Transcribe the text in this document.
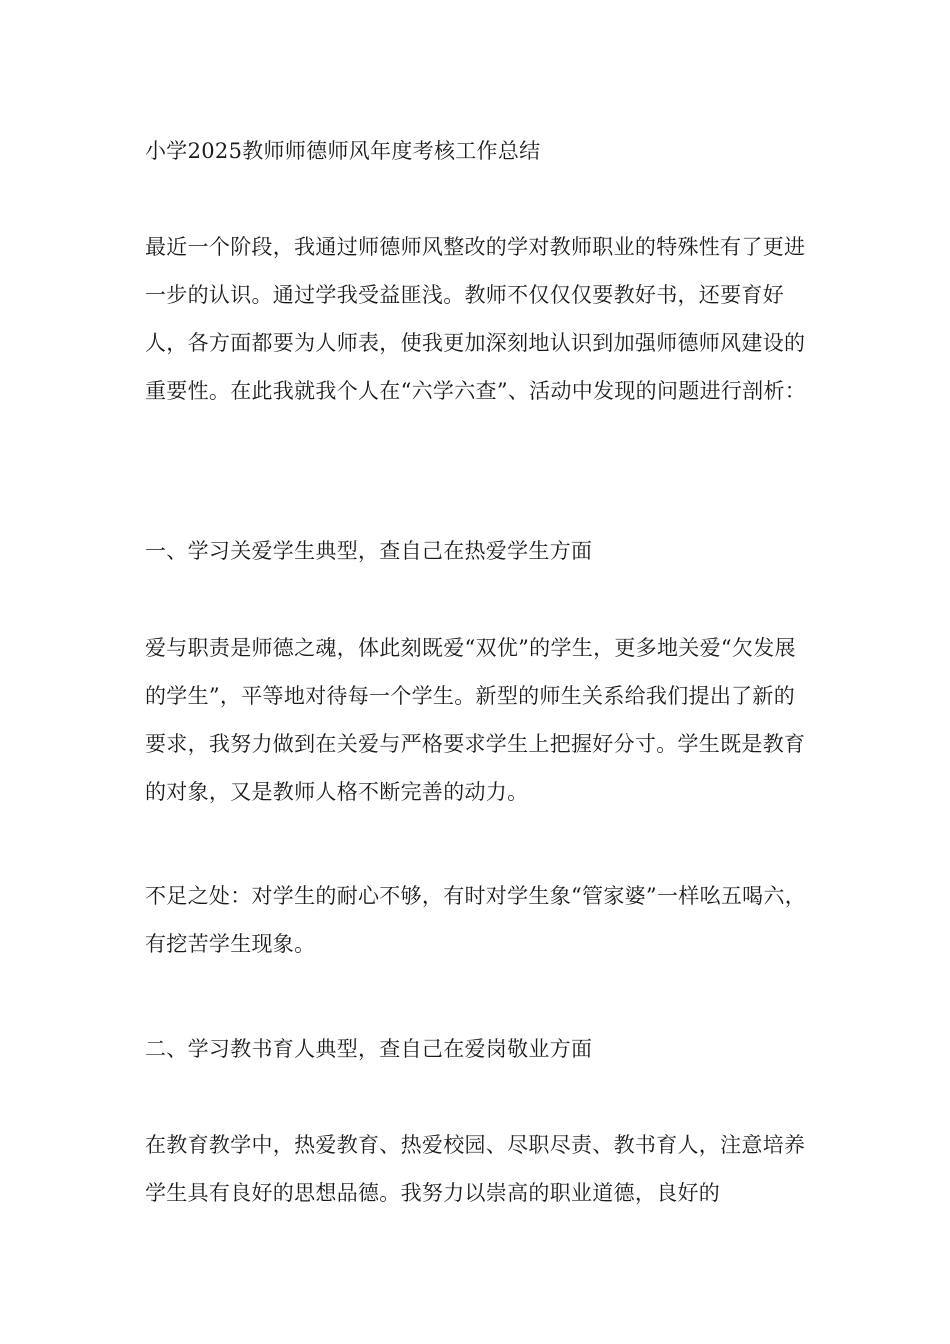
小学2025教师师德师风年度考核工作总结

最近一个阶段，我通过师德师风整改的学对教师职业的特殊性有了更进一步的认识。通过学我受益匪浅。教师不仅仅仅要教好书，还要育好人，各方面都要为人师表，使我更加深刻地认识到加强师德师风建设的重要性。在此我就我个人在“六学六查”、活动中发现的问题进行剖析：

一、学习关爱学生典型，查自己在热爱学生方面

爱与职责是师德之魂，体此刻既爱“双优”的学生，更多地关爱“欠发展的学生”，平等地对待每一个学生。新型的师生关系给我们提出了新的要求，我努力做到在关爱与严格要求学生上把握好分寸。学生既是教育的对象，又是教师人格不断完善的动力。

不足之处：对学生的耐心不够，有时对学生象“管家婆”一样吆五喝六，有挖苦学生现象。

二、学习教书育人典型，查自己在爱岗敬业方面

在教育教学中，热爱教育、热爱校园、尽职尽责、教书育人，注意培养学生具有良好的思想品德。我努力以崇高的职业道德，良好的
